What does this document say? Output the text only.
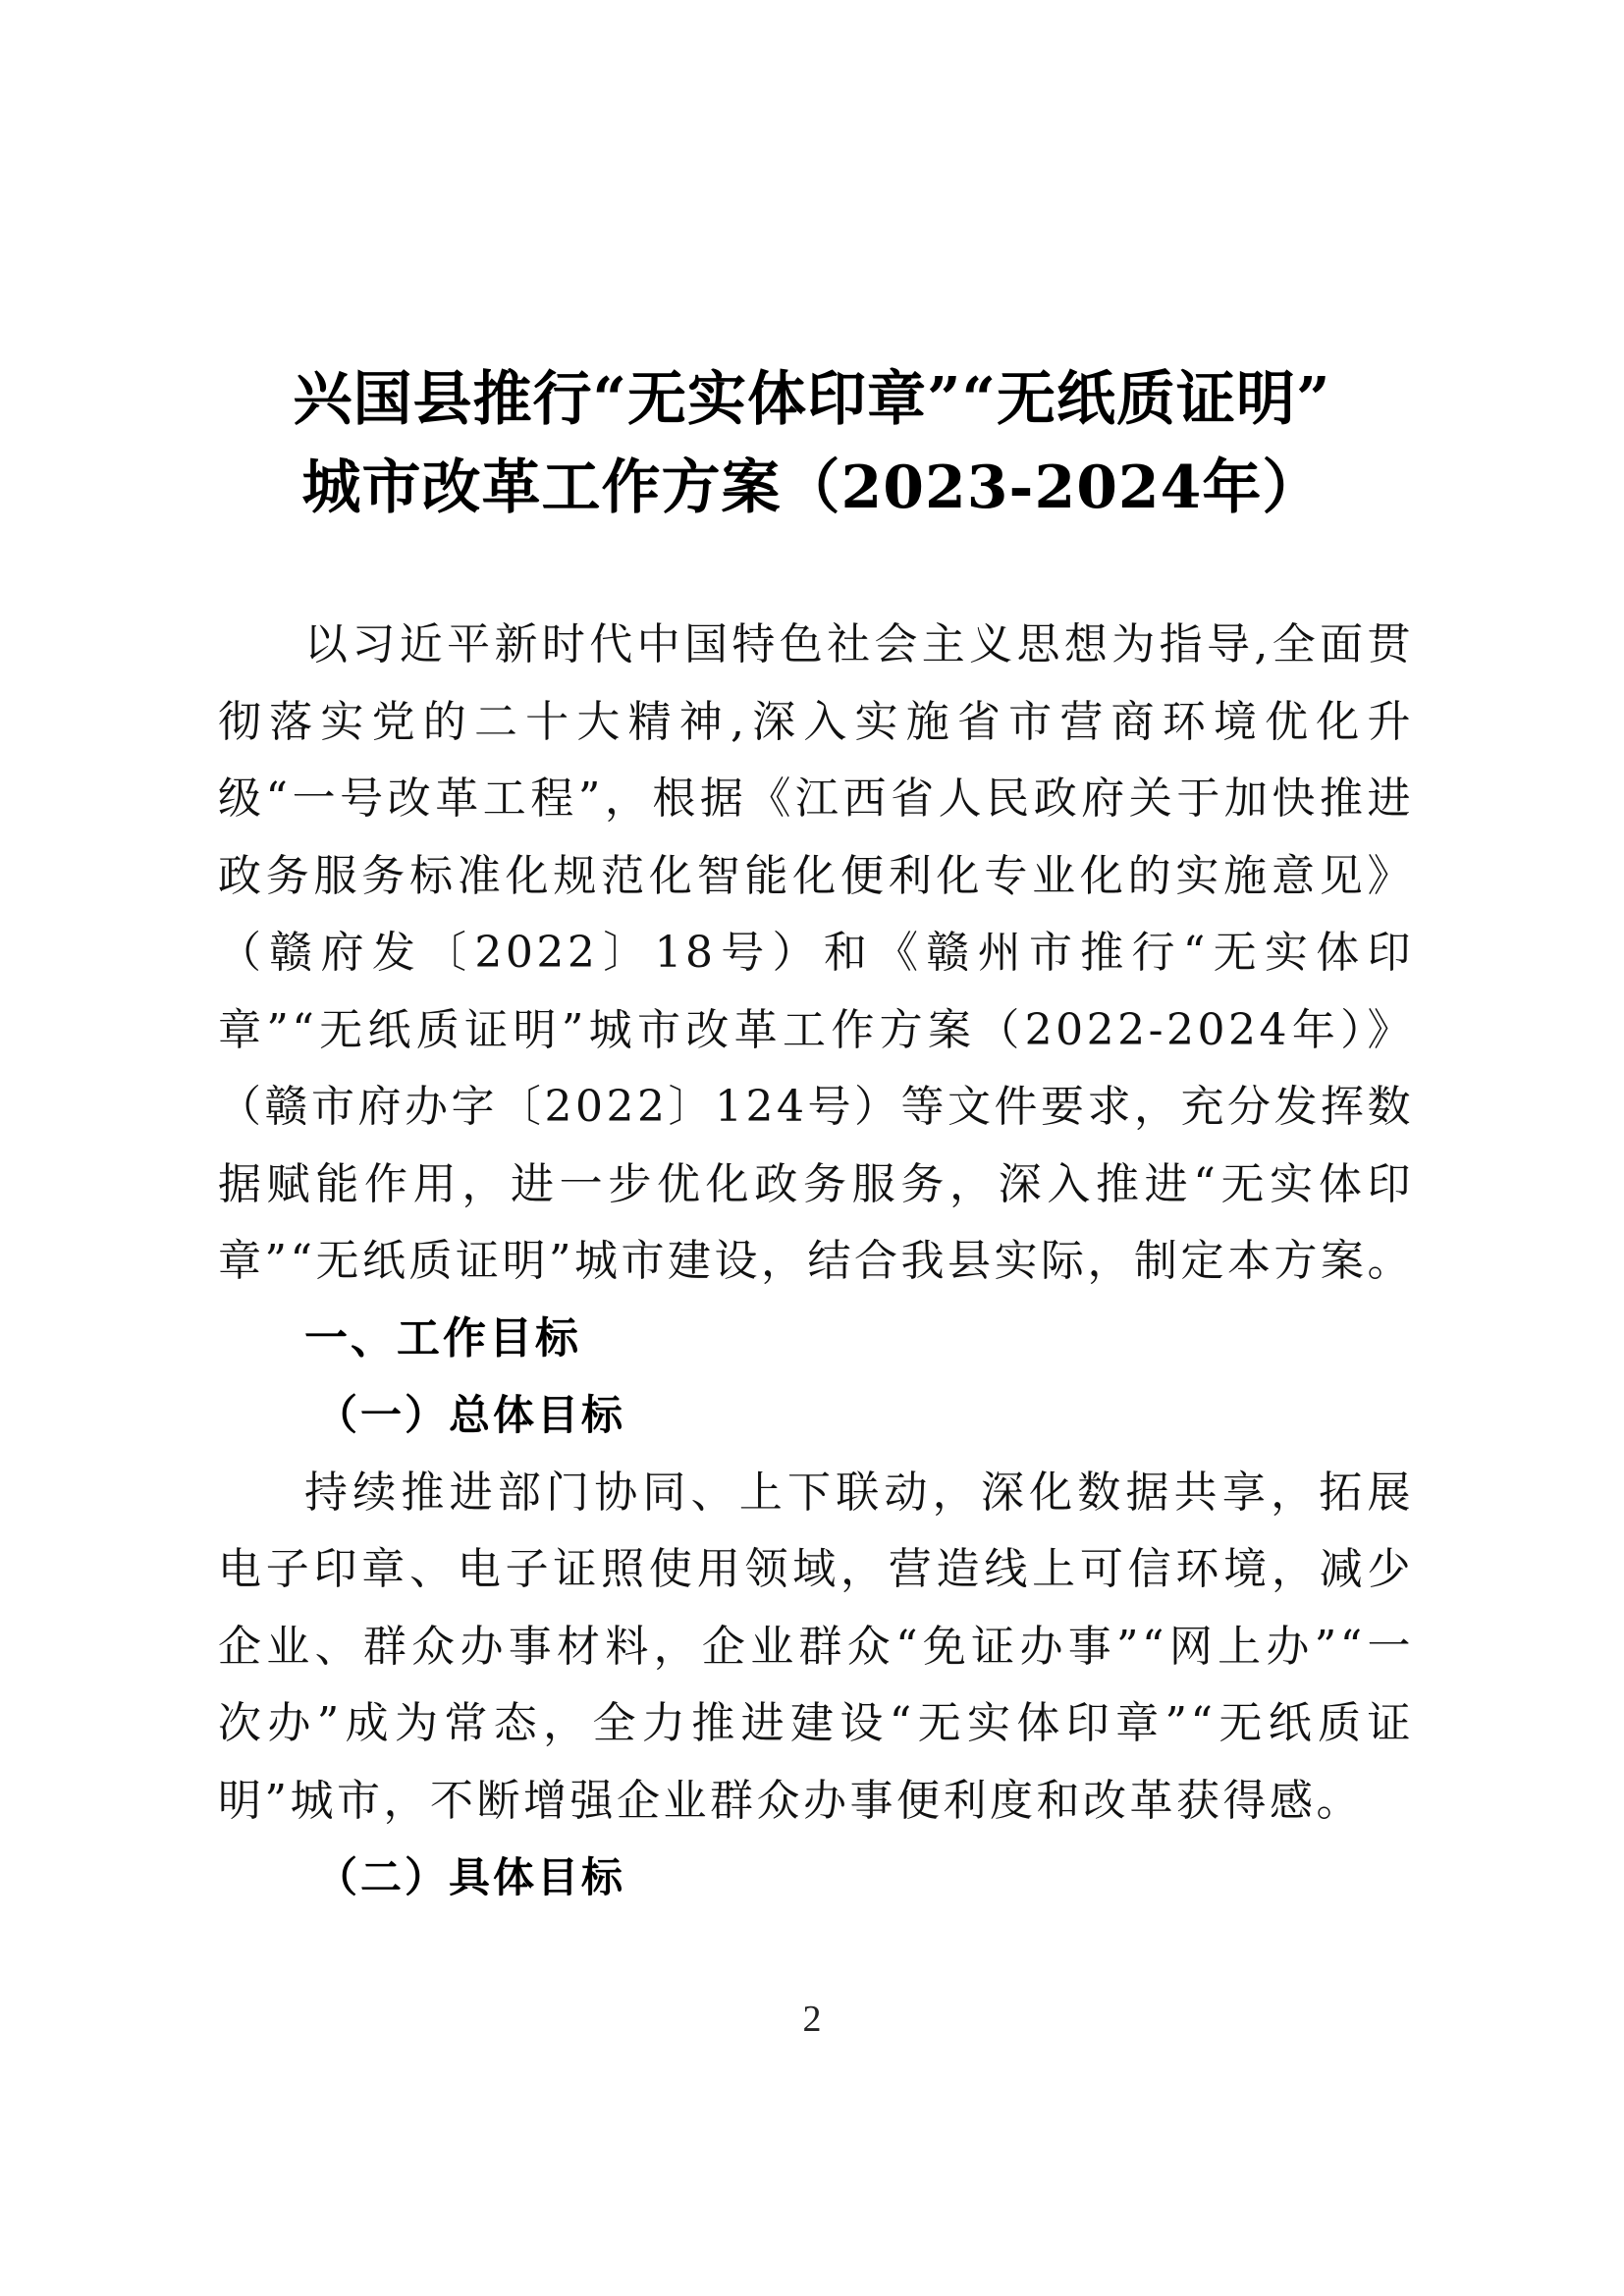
兴国县推行“无实体印章”“无纸质证明”
城市改革工作方案（2023-2024年）

以习近平新时代中国特色社会主义思想为指导,全面贯彻落实党的二十大精神,深入实施省市营商环境优化升级“一号改革工程”，根据《江西省人民政府关于加快推进政务服务标准化规范化智能化便利化专业化的实施意见》（赣府发〔2022〕18号）和《赣州市推行“无实体印章”“无纸质证明”城市改革工作方案（2022-2024年）》（赣市府办字〔2022〕124号）等文件要求，充分发挥数据赋能作用，进一步优化政务服务，深入推进“无实体印章”“无纸质证明”城市建设，结合我县实际，制定本方案。

一、工作目标

（一）总体目标

持续推进部门协同、上下联动，深化数据共享，拓展电子印章、电子证照使用领域，营造线上可信环境，减少企业、群众办事材料，企业群众“免证办事”“网上办”“一次办”成为常态，全力推进建设“无实体印章”“无纸质证明”城市，不断增强企业群众办事便利度和改革获得感。

（二）具体目标

2
